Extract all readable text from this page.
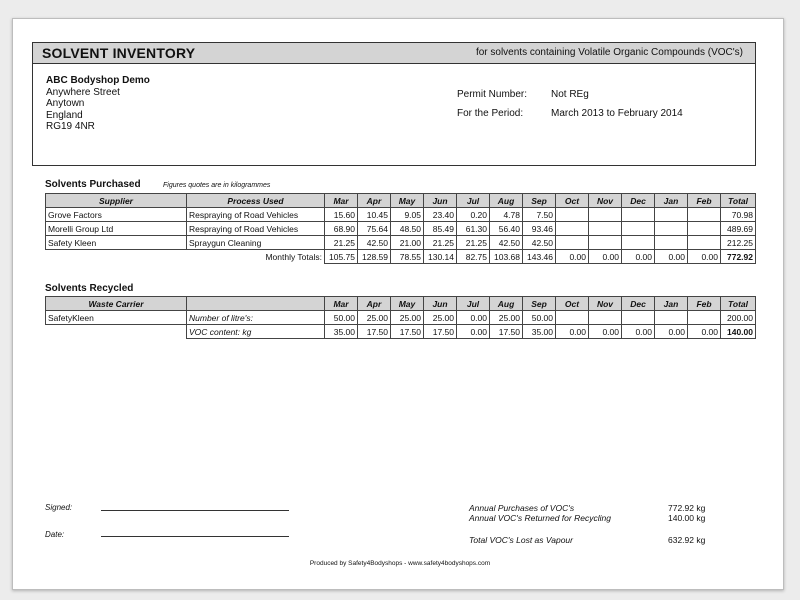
SOLVENT INVENTORY	for solvents containing Volatile Organic Compounds (VOC's)
ABC Bodyshop Demo
Anywhere Street
Anytown
England
RG19 4NR
Permit Number: Not REg
For the Period:	March 2013 to February 2014
Solvents Purchased	Figures quotes are in kilogrammes
Supplier	Process Used	Mar	Apr	May	Jun	Jul	Aug	Sep	Oct	Nov	Dec	Jan	Feb	Total
Grove Factors	Respraying of Road Vehicles	15.60	10.45	9.05	23.40	0.20	4.78	7.50						70.98
Morelli Group Ltd	Respraying of Road Vehicles	68.90	75.64	48.50	85.49	61.30	56.40	93.46						489.69
Safety Kleen	Spraygun Cleaning	21.25	42.50	21.00	21.25	21.25	42.50	42.50						212.25
	Monthly Totals:	105.75	128.59	78.55	130.14	82.75	103.68	143.46	0.00	0.00	0.00	0.00	0.00	772.92
Solvents Recycled
Waste Carrier		Mar	Apr	May	Jun	Jul	Aug	Sep	Oct	Nov	Dec	Jan	Feb	Total
SafetyKleen	Number of litre's:	50.00	25.00	25.00	25.00	0.00	25.00	50.00						200.00
	VOC content: kg	35.00	17.50	17.50	17.50	0.00	17.50	35.00	0.00	0.00	0.00	0.00	0.00	140.00
Signed:
Date:
Annual Purchases of VOC's	772.92 kg
Annual VOC's Returned for Recycling	140.00 kg
Total VOC's Lost as Vapour	632.92 kg
Produced by Safety4Bodyshops - www.safety4bodyshops.com
